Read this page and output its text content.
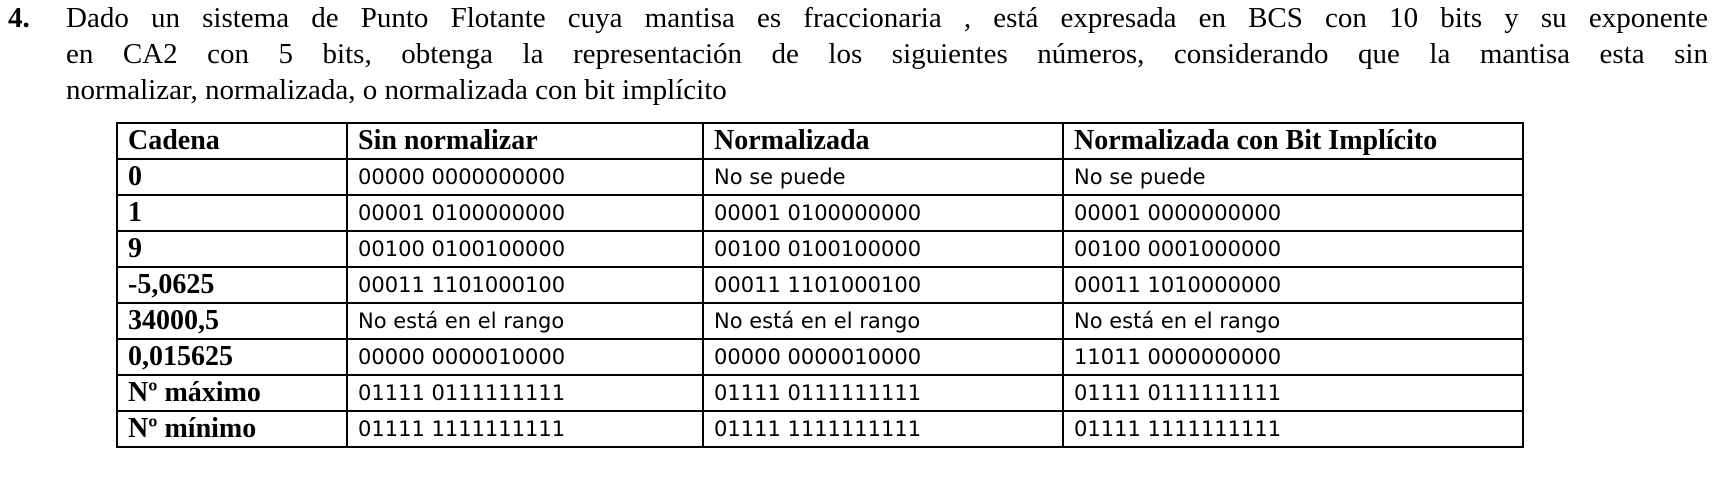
4.	Dado un sistema de Punto Flotante cuya mantisa es fraccionaria , está expresada en BCS con 10 bits y su exponente
en CA2 con 5 bits, obtenga la representación de los siguientes números, considerando que la mantisa esta sin
normalizar, normalizada, o normalizada con bit implícito
Cadena	Sin normalizar	Normalizada	Normalizada con Bit Implícito
0	00000 0000000000	No se puede	No se puede
1	00001 0100000000	00001 0100000000	00001 0000000000
9	00100 0100100000	00100 0100100000	00100 0001000000
-5,0625	00011 1101000100	00011 1101000100	00011 1010000000
34000,5	No está en el rango	No está en el rango	No está en el rango
0,015625	00000 0000010000	00000 0000010000	11011 0000000000
Nº máximo	01111 0111111111	01111 0111111111	01111 0111111111
Nº mínimo	01111 1111111111	01111 1111111111	01111 1111111111
